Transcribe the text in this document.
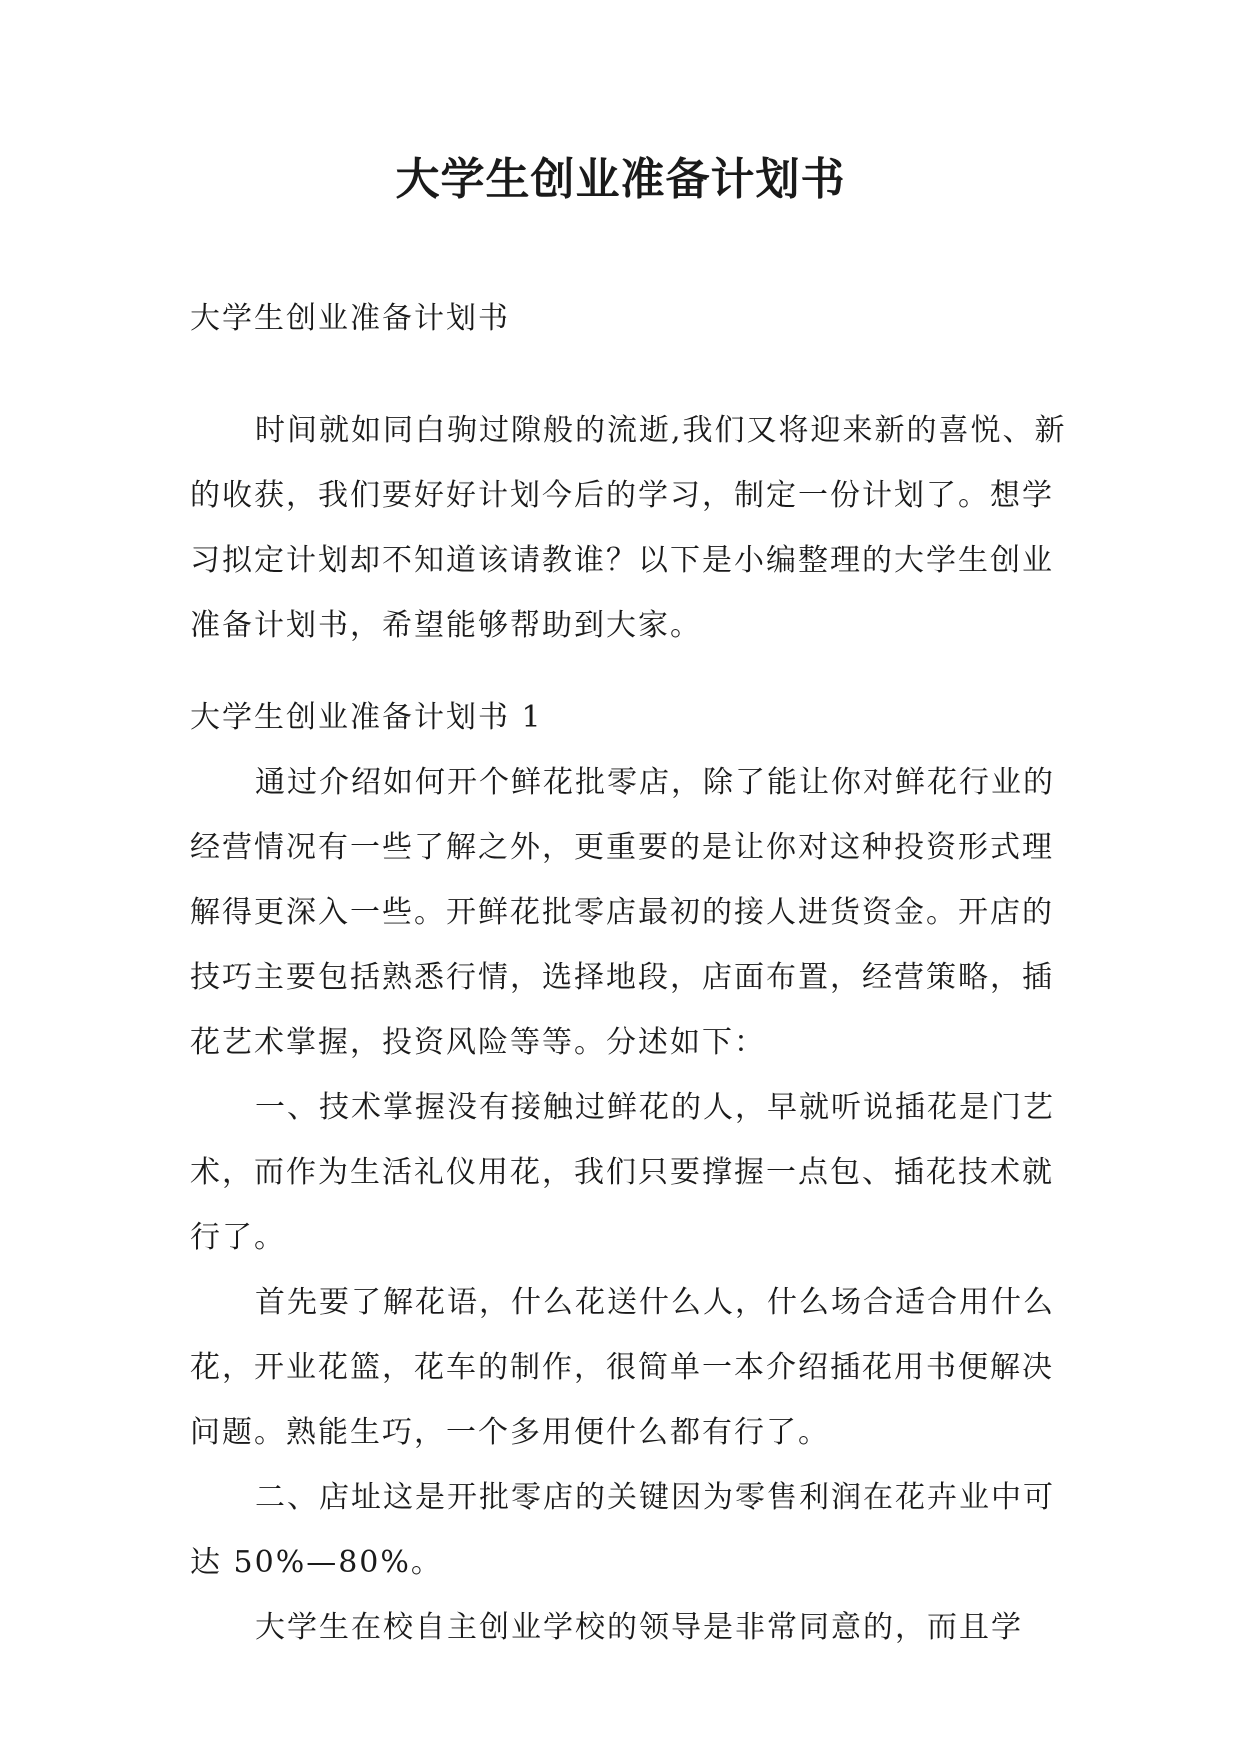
大学生创业准备计划书
大学生创业准备计划书

时间就如同白驹过隙般的流逝,我们又将迎来新的喜悦、新的收获，我们要好好计划今后的学习，制定一份计划了。想学习拟定计划却不知道该请教谁？以下是小编整理的大学生创业准备计划书，希望能够帮助到大家。

大学生创业准备计划书 1

通过介绍如何开个鲜花批零店，除了能让你对鲜花行业的经营情况有一些了解之外，更重要的是让你对这种投资形式理解得更深入一些。开鲜花批零店最初的接人进货资金。开店的技巧主要包括熟悉行情，选择地段，店面布置，经营策略，插花艺术掌握，投资风险等等。分述如下：

一、技术掌握没有接触过鲜花的人，早就听说插花是门艺术，而作为生活礼仪用花，我们只要撑握一点包、插花技术就行了。

首先要了解花语，什么花送什么人，什么场合适合用什么花，开业花篮，花车的制作，很简单一本介绍插花用书便解决问题。熟能生巧，一个多用便什么都有行了。

二、店址这是开批零店的关键因为零售利润在花卉业中可达 50%—80%。

大学生在校自主创业学校的领导是非常同意的，而且学
